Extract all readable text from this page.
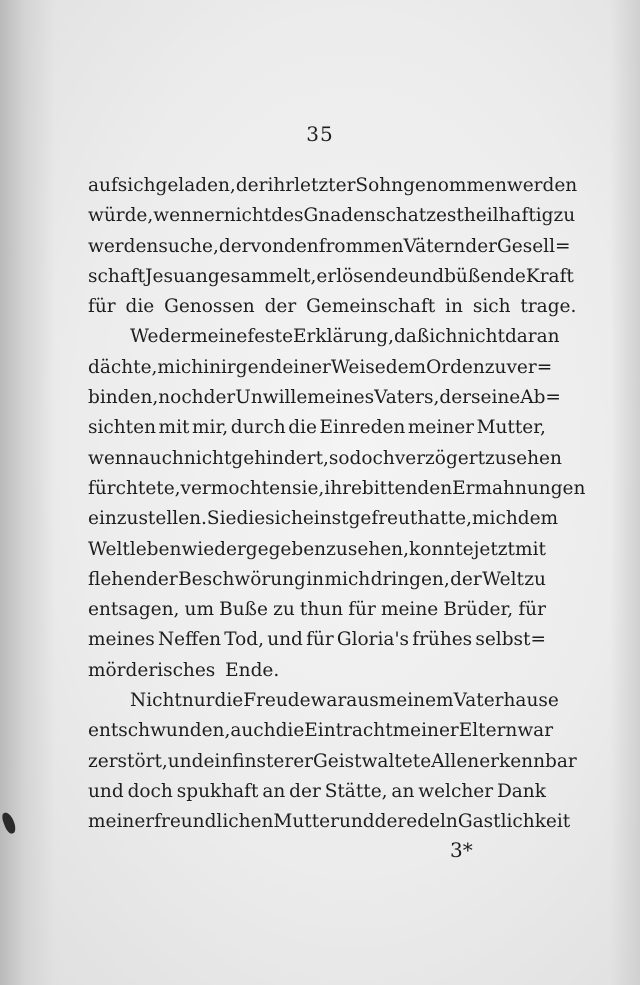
35
auf sich geladen, der ihr letzter Sohn genommen werden
würde, wenn er nicht des Gnadenschatzes theilhaftig zu
werden suche, der von den frommen Vätern der Gesell=
schaft Jesu angesammelt, erlösende und büßende Kraft
für die Genossen der Gemeinschaft in sich trage.
Weder meine feste Erklärung, daß ich nicht daran
dächte, mich in irgend einer Weise dem Orden zu ver=
binden, noch der Unwille meines Vaters, der seine Ab=
sichten mit mir, durch die Einreden meiner Mutter,
wenn auch nicht gehindert, so doch verzögert zu sehen
fürchtete, vermochten sie, ihre bittenden Ermahnungen
einzustellen. Sie die sich einst gefreut hatte, mich dem
Weltleben wiedergegeben zu sehen, konnte jetzt mit
flehender Beschwörung in mich dringen, der Welt zu
entsagen, um Buße zu thun für meine Brüder, für
meines Neffen Tod, und für Gloria's frühes selbst=
mörderisches Ende.
Nicht nur die Freude war aus meinem Vaterhause
entschwunden, auch die Eintracht meiner Eltern war
zerstört, und ein finsterer Geist waltete Allen erkennbar
und doch spukhaft an der Stätte, an welcher Dank
meiner freundlichen Mutter und der edeln Gastlichkeit
3*
